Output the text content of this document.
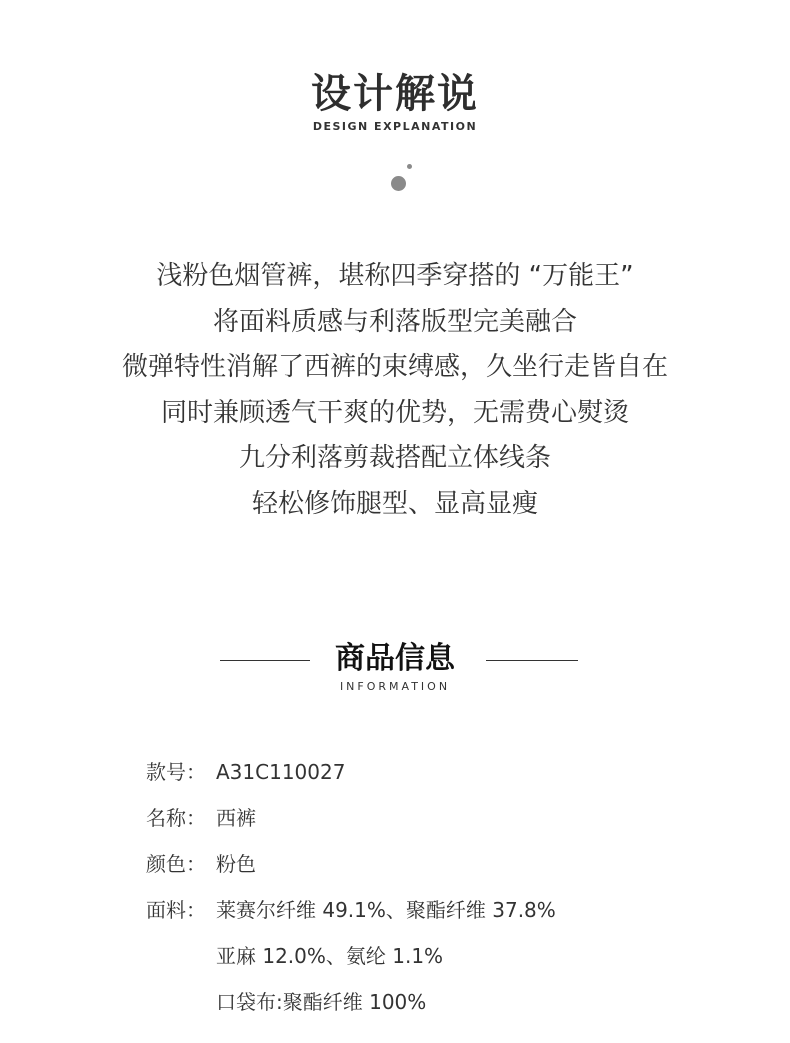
设计解说
DESIGN EXPLANATION
浅粉色烟管裤，堪称四季穿搭的 “万能王”
将面料质感与利落版型完美融合
微弹特性消解了西裤的束缚感，久坐行走皆自在
同时兼顾透气干爽的优势，无需费心熨烫
九分利落剪裁搭配立体线条
轻松修饰腿型、显高显瘦
商品信息
INFORMATION
款号： A31C110027
名称： 西裤
颜色： 粉色
面料： 莱赛尔纤维 49.1%、聚酯纤维 37.8%
亚麻 12.0%、氨纶 1.1%
口袋布:聚酯纤维 100%
